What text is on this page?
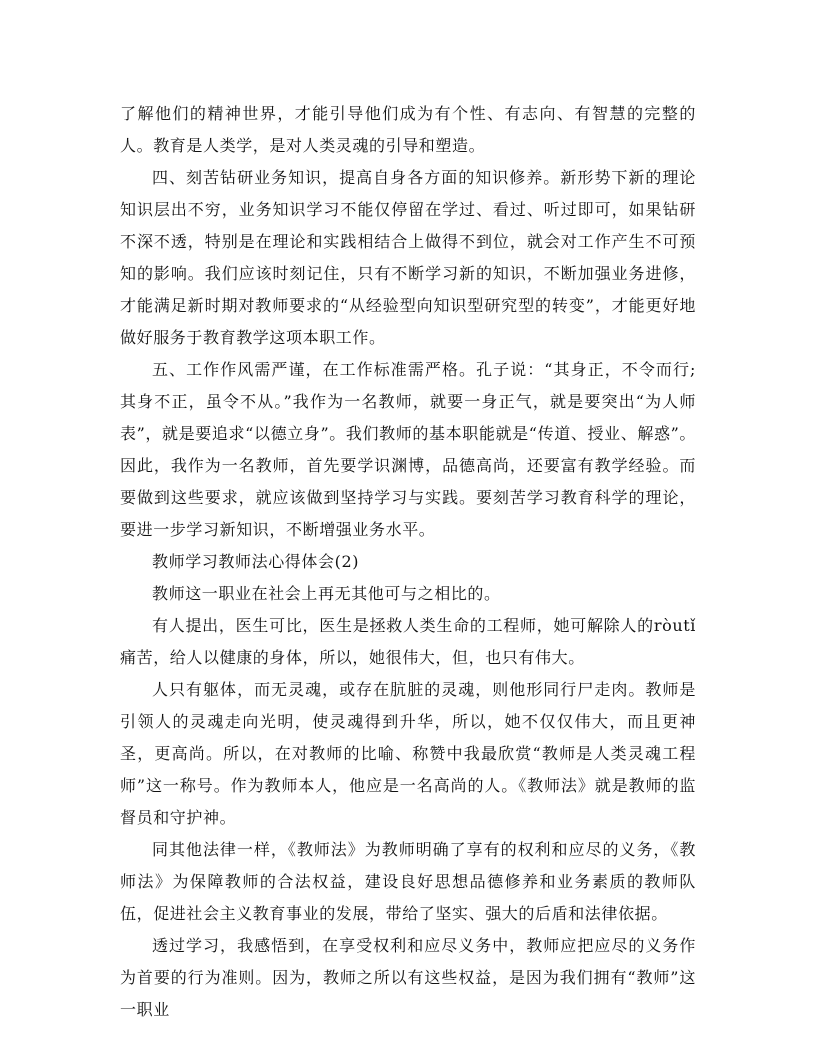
了解他们的精神世界，才能引导他们成为有个性、有志向、有智慧的完整的人。教育是人类学，是对人类灵魂的引导和塑造。

四、刻苦钻研业务知识，提高自身各方面的知识修养。新形势下新的理论知识层出不穷，业务知识学习不能仅停留在学过、看过、听过即可，如果钻研不深不透，特别是在理论和实践相结合上做得不到位，就会对工作产生不可预知的影响。我们应该时刻记住，只有不断学习新的知识，不断加强业务进修，才能满足新时期对教师要求的“从经验型向知识型研究型的转变”，才能更好地做好服务于教育教学这项本职工作。

五、工作作风需严谨，在工作标准需严格。孔子说：“其身正，不令而行;其身不正，虽令不从。”我作为一名教师，就要一身正气，就是要突出“为人师表”，就是要追求“以德立身”。我们教师的基本职能就是“传道、授业、解惑”。因此，我作为一名教师，首先要学识渊博，品德高尚，还要富有教学经验。而要做到这些要求，就应该做到坚持学习与实践。要刻苦学习教育科学的理论，要进一步学习新知识，不断增强业务水平。

教师学习教师法心得体会(2)

教师这一职业在社会上再无其他可与之相比的。

有人提出，医生可比，医生是拯救人类生命的工程师，她可解除人的ròutǐ痛苦，给人以健康的身体，所以，她很伟大，但，也只有伟大。

人只有躯体，而无灵魂，或存在肮脏的灵魂，则他形同行尸走肉。教师是引领人的灵魂走向光明，使灵魂得到升华，所以，她不仅仅伟大，而且更神圣，更高尚。所以，在对教师的比喻、称赞中我最欣赏“教师是人类灵魂工程师”这一称号。作为教师本人，他应是一名高尚的人。《教师法》就是教师的监督员和守护神。

同其他法律一样，《教师法》为教师明确了享有的权利和应尽的义务，《教师法》为保障教师的合法权益，建设良好思想品德修养和业务素质的教师队伍，促进社会主义教育事业的发展，带给了坚实、强大的后盾和法律依据。

透过学习，我感悟到，在享受权利和应尽义务中，教师应把应尽的义务作为首要的行为准则。因为，教师之所以有这些权益，是因为我们拥有“教师”这一职业
